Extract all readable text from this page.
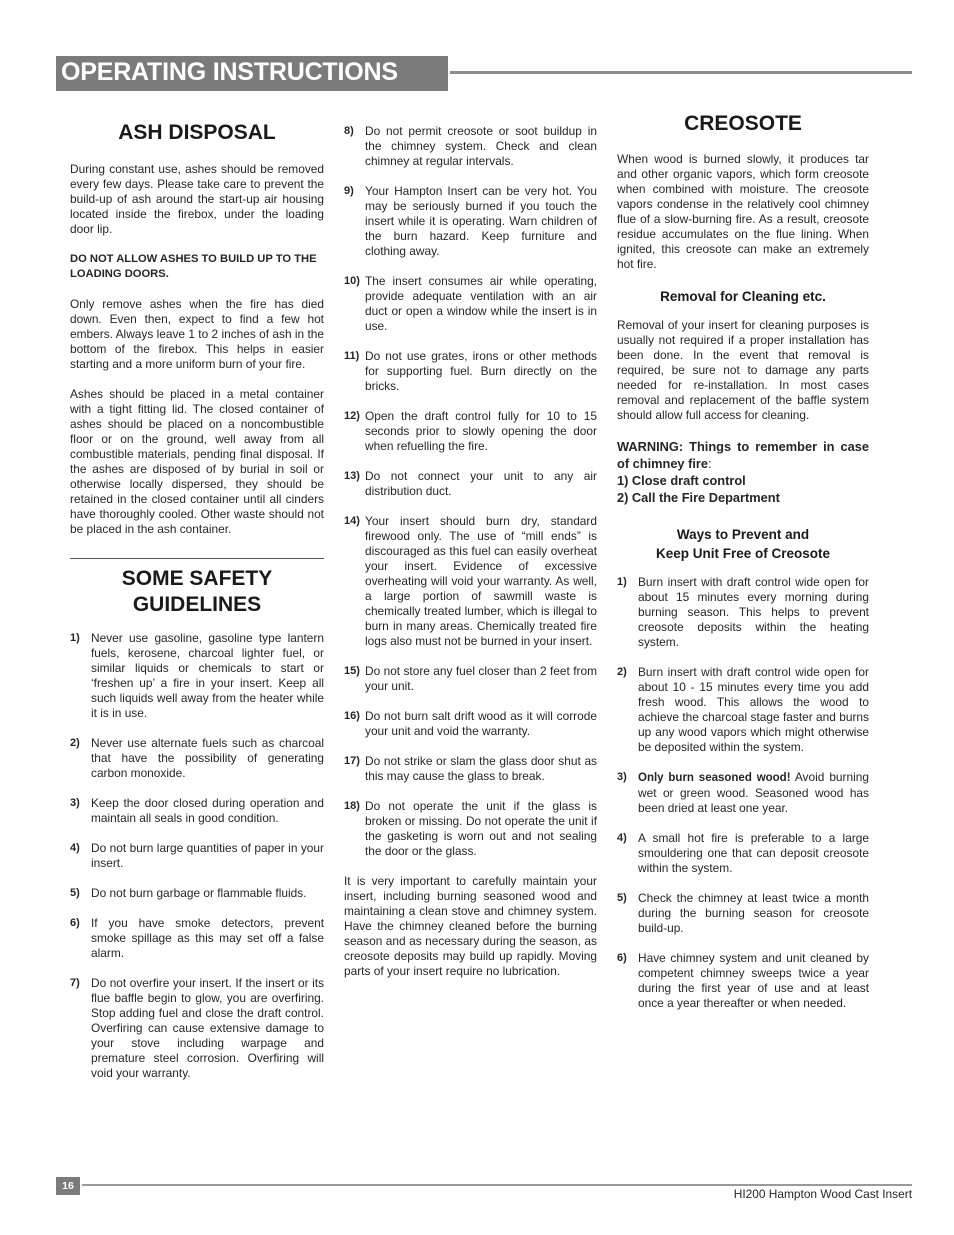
OPERATING INSTRUCTIONS
ASH DISPOSAL

During constant use, ashes should be removed every few days. Please take care to prevent the build-up of ash around the start-up air housing located inside the firebox, under the loading door lip.

DO NOT ALLOW ASHES TO BUILD UP TO THE LOADING DOORS.

Only remove ashes when the fire has died down. Even then, expect to find a few hot embers. Always leave 1 to 2 inches of ash in the bottom of the firebox. This helps in easier starting and a more uniform burn of your fire.

Ashes should be placed in a metal container with a tight fitting lid. The closed container of ashes should be placed on a noncombustible floor or on the ground, well away from all combustible materials, pending final disposal. If the ashes are disposed of by burial in soil or otherwise locally dispersed, they should be retained in the closed container until all cinders have thoroughly cooled. Other waste should not be placed in the ash container.

SOME SAFETY
GUIDELINES
1) Never use gasoline, gasoline type lantern fuels, kerosene, charcoal lighter fuel, or similar liquids or chemicals to start or ‘freshen up’ a fire in your insert. Keep all such liquids well away from the heater while it is in use.
2) Never use alternate fuels such as charcoal that have the possibility of generating carbon monoxide.
3) Keep the door closed during operation and maintain all seals in good condition.
4) Do not burn large quantities of paper in your insert.
5) Do not burn garbage or flammable fluids.
6) If you have smoke detectors, prevent smoke spillage as this may set off a false alarm.
7) Do not overfire your insert. If the insert or its flue baffle begin to glow, you are overfiring. Stop adding fuel and close the draft control. Overfiring can cause extensive damage to your stove including warpage and premature steel corrosion. Overfiring will void your warranty.
8) Do not permit creosote or soot buildup in the chimney system. Check and clean chimney at regular intervals.
9) Your Hampton Insert can be very hot. You may be seriously burned if you touch the insert while it is operating. Warn children of the burn hazard. Keep furniture and clothing away.
10) The insert consumes air while operating, provide adequate ventilation with an air duct or open a window while the insert is in use.
11) Do not use grates, irons or other methods for supporting fuel. Burn directly on the bricks.
12) Open the draft control fully for 10 to 15 seconds prior to slowly opening the door when refuelling the fire.
13) Do not connect your unit to any air distribution duct.
14) Your insert should burn dry, standard firewood only. The use of “mill ends” is discouraged as this fuel can easily overheat your insert. Evidence of excessive overheating will void your warranty. As well, a large portion of sawmill waste is chemically treated lumber, which is illegal to burn in many areas. Chemically treated fire logs also must not be burned in your insert.
15) Do not store any fuel closer than 2 feet from your unit.
16) Do not burn salt drift wood as it will corrode your unit and void the warranty.
17) Do not strike or slam the glass door shut as this may cause the glass to break.
18) Do not operate the unit if the glass is broken or missing. Do not operate the unit if the gasketing is worn out and not sealing the door or the glass.

It is very important to carefully maintain your insert, including burning seasoned wood and maintaining a clean stove and chimney system. Have the chimney cleaned before the burning season and as necessary during the season, as creosote deposits may build up rapidly. Moving parts of your insert require no lubrication.

CREOSOTE

When wood is burned slowly, it produces tar and other organic vapors, which form creosote when combined with moisture. The creosote vapors condense in the relatively cool chimney flue of a slow-burning fire. As a result, creosote residue accumulates on the flue lining. When ignited, this creosote can make an extremely hot fire.

Removal for Cleaning etc.

Removal of your insert for cleaning purposes is usually not required if a proper installation has been done. In the event that removal is required, be sure not to damage any parts needed for re-installation. In most cases removal and replacement of the baffle system should allow full access for cleaning.

WARNING: Things to remember in case of chimney fire:

1) Close draft control
2) Call the Fire Department
Ways to Prevent and
Keep Unit Free of Creosote
1) Burn insert with draft control wide open for about 15 minutes every morning during burning season. This helps to prevent creosote deposits within the heating system.
2) Burn insert with draft control wide open for about 10 - 15 minutes every time you add fresh wood. This allows the wood to achieve the charcoal stage faster and burns up any wood vapors which might otherwise be deposited within the system.
3) Only burn seasoned wood! Avoid burning wet or green wood. Seasoned wood has been dried at least one year.
4) A small hot fire is preferable to a large smouldering one that can deposit creosote within the system.
5) Check the chimney at least twice a month during the burning season for creosote build-up.
6) Have chimney system and unit cleaned by competent chimney sweeps twice a year during the first year of use and at least once a year thereafter or when needed.
16
HI200 Hampton Wood Cast Insert
